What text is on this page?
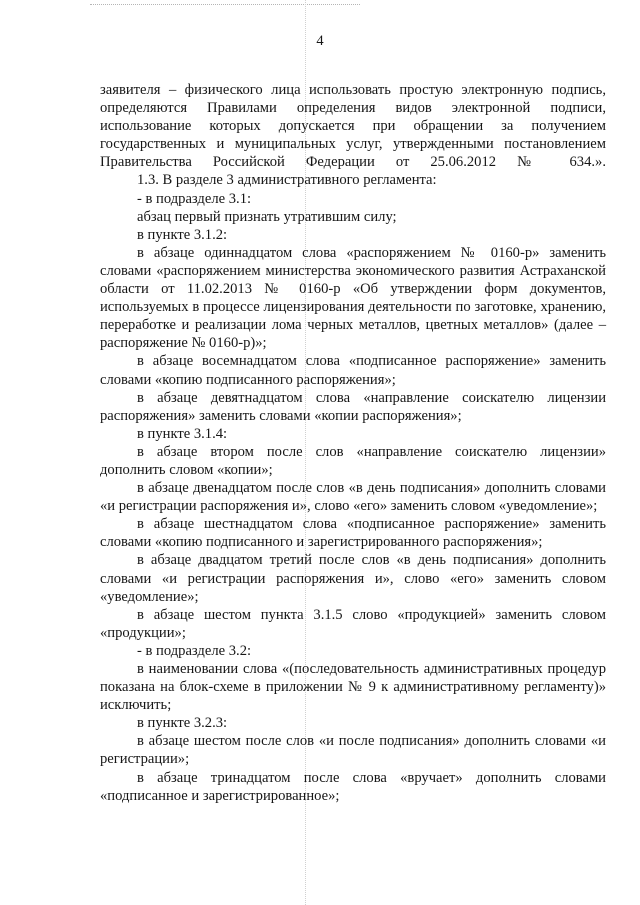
4

заявителя – физического лица использовать простую электронную подпись, определяются Правилами определения видов электронной подписи, использование которых допускается при обращении за получением государственных и муниципальных услуг, утвержденными постановлением Правительства Российской Федерации от 25.06.2012 № 634.».

1.3. В разделе 3 административного регламента:

- в подразделе 3.1:

абзац первый признать утратившим силу;

в пункте 3.1.2:

в абзаце одиннадцатом слова «распоряжением № 0160-р» заменить словами «распоряжением министерства экономического развития Астраханской области от 11.02.2013 № 0160-р «Об утверждении форм документов, используемых в процессе лицензирования деятельности по заготовке, хранению, переработке и реализации лома черных металлов, цветных металлов» (далее – распоряжение № 0160-р)»;

в абзаце восемнадцатом слова «подписанное распоряжение» заменить словами «копию подписанного распоряжения»;

в абзаце девятнадцатом слова «направление соискателю лицензии распоряжения» заменить словами «копии распоряжения»;

в пункте 3.1.4:

в абзаце втором после слов «направление соискателю лицензии» дополнить словом «копии»;

в абзаце двенадцатом после слов «в день подписания» дополнить словами «и регистрации распоряжения и», слово «его» заменить словом «уведомление»;

в абзаце шестнадцатом слова «подписанное распоряжение» заменить словами «копию подписанного и зарегистрированного распоряжения»;

в абзаце двадцатом третий после слов «в день подписания» дополнить словами «и регистрации распоряжения и», слово «его» заменить словом «уведомление»;

в абзаце шестом пункта 3.1.5 слово «продукцией» заменить словом «продукции»;

- в подразделе 3.2:

в наименовании слова «(последовательность административных процедур показана на блок-схеме в приложении № 9 к административному регламенту)» исключить;

в пункте 3.2.3:

в абзаце шестом после слов «и после подписания» дополнить словами «и регистрации»;

в абзаце тринадцатом после слова «вручает» дополнить словами «подписанное и зарегистрированное»;
